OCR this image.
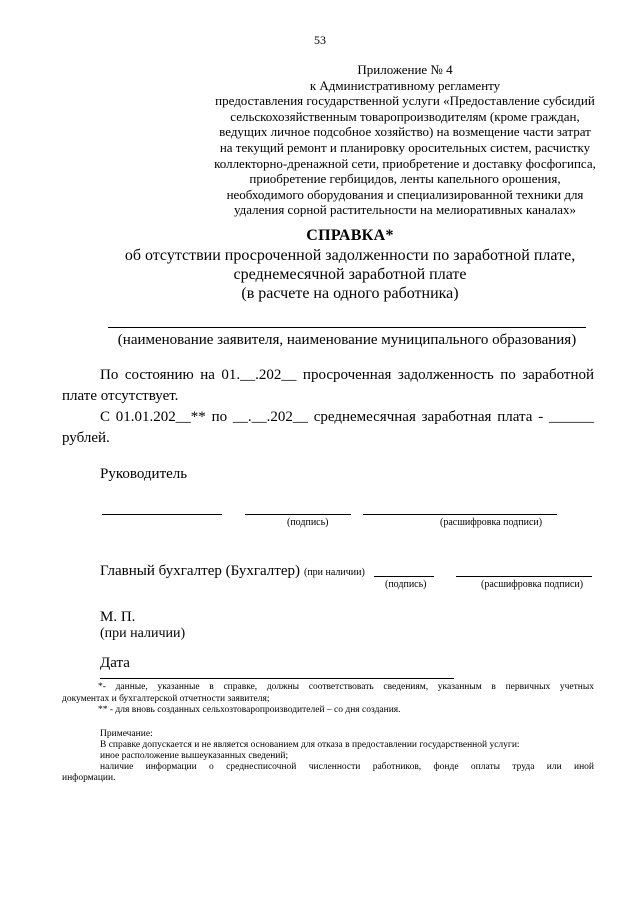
53
Приложение № 4
к Административному регламенту
предоставления государственной услуги «Предоставление субсидий
сельскохозяйственным товаропроизводителям (кроме граждан,
ведущих личное подсобное хозяйство) на возмещение части затрат
на текущий ремонт и планировку оросительных систем, расчистку
коллекторно-дренажной сети, приобретение и доставку фосфогипса,
приобретение гербицидов, ленты капельного орошения,
необходимого оборудования и специализированной техники для
удаления сорной растительности на мелиоративных каналах»
СПРАВКА*
об отсутствии просроченной задолженности по заработной плате,
среднемесячной заработной плате
(в расчете на одного работника)
(наименование заявителя, наименование муниципального образования)
По состоянию на 01.__.202__ просроченная задолженность по заработной
плате отсутствует.
С 01.01.202__** по __.__.202__ среднемесячная заработная плата - ______
рублей.
Руководитель
(подпись)	(расшифровка подписи)
Главный бухгалтер (Бухгалтер) (при наличии)
(подпись)	(расшифровка подписи)
М. П.
(при наличии)
Дата
*- данные, указанные в справке, должны соответствовать сведениям, указанным в первичных учетных
документах и бухгалтерской отчетности заявителя;
** - для вновь созданных сельхозтоваропроизводителей – со дня создания.
Примечание:
В справке допускается и не является основанием для отказа в предоставлении государственной услуги:
иное расположение вышеуказанных сведений;
наличие информации о среднесписочной численности работников, фонде оплаты труда или иной
информации.
